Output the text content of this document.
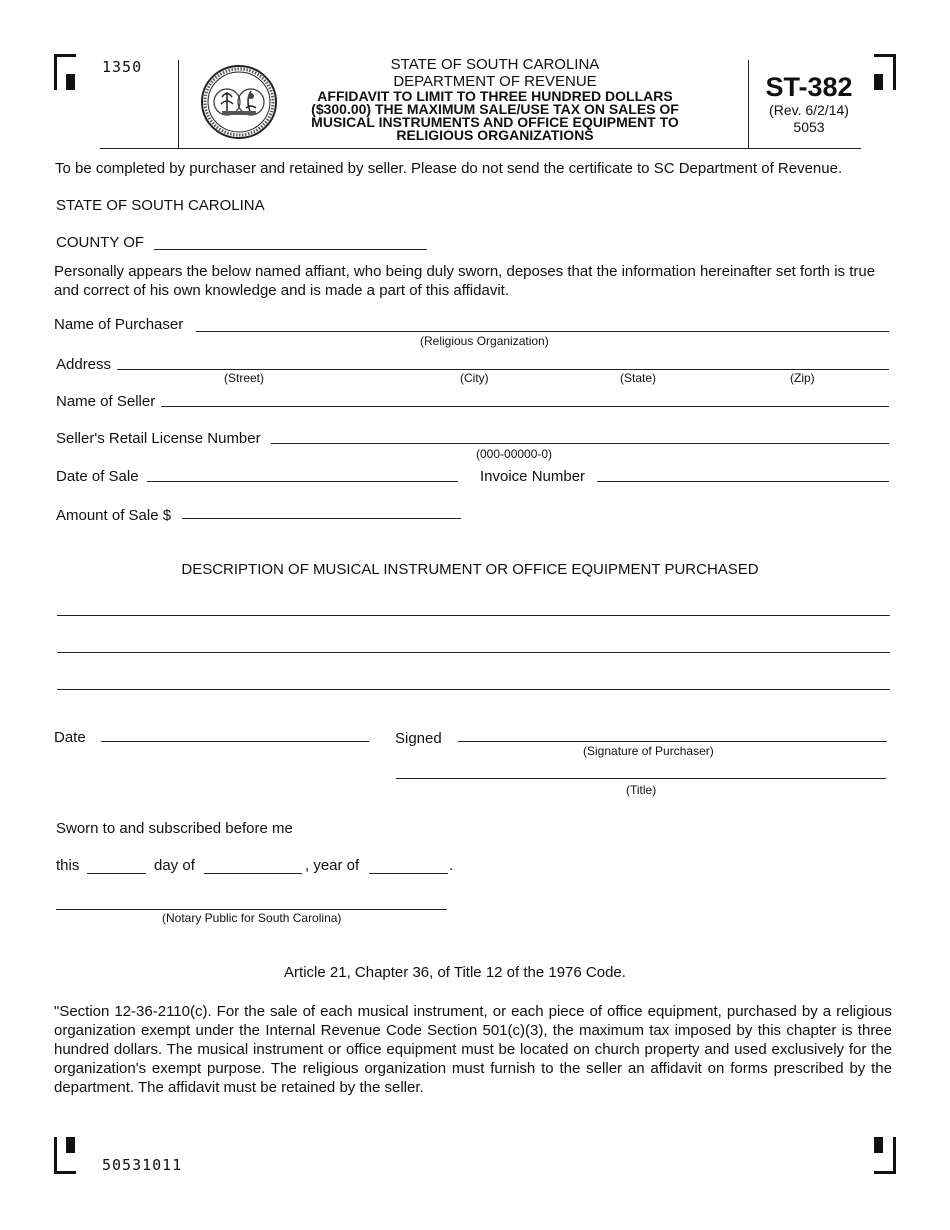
1350	STATE OF SOUTH CAROLINA
DEPARTMENT OF REVENUE
AFFIDAVIT TO LIMIT TO THREE HUNDRED DOLLARS
($300.00) THE MAXIMUM SALE/USE TAX ON SALES OF
MUSICAL INSTRUMENTS AND OFFICE EQUIPMENT TO
RELIGIOUS ORGANIZATIONS
ST-382
(Rev. 6/2/14)
5053
To be completed by purchaser and retained by seller. Please do not send the certificate to SC Department of Revenue.
STATE OF SOUTH CAROLINA
COUNTY OF
Personally appears the below named affiant, who being duly sworn, deposes that the information hereinafter set forth is true and correct of his own knowledge and is made a part of this affidavit.
Name of Purchaser
(Religious Organization)
Address
(Street)	(City)	(State)	(Zip)
Name of Seller
Seller's Retail License Number
(000-00000-0)
Date of Sale	Invoice Number
Amount of Sale $
DESCRIPTION OF MUSICAL INSTRUMENT OR OFFICE EQUIPMENT PURCHASED
Date	Signed
(Signature of Purchaser)
(Title)
Sworn to and subscribed before me
this	day of	, year of	.
(Notary Public for South Carolina)
Article 21, Chapter 36, of Title 12 of the 1976 Code.
"Section 12-36-2110(c). For the sale of each musical instrument, or each piece of office equipment, purchased by a religious organization exempt under the Internal Revenue Code Section 501(c)(3), the maximum tax imposed by this chapter is three hundred dollars. The musical instrument or office equipment must be located on church property and used exclusively for the organization's exempt purpose. The religious organization must furnish to the seller an affidavit on forms prescribed by the department. The affidavit must be retained by the seller.
50531011
